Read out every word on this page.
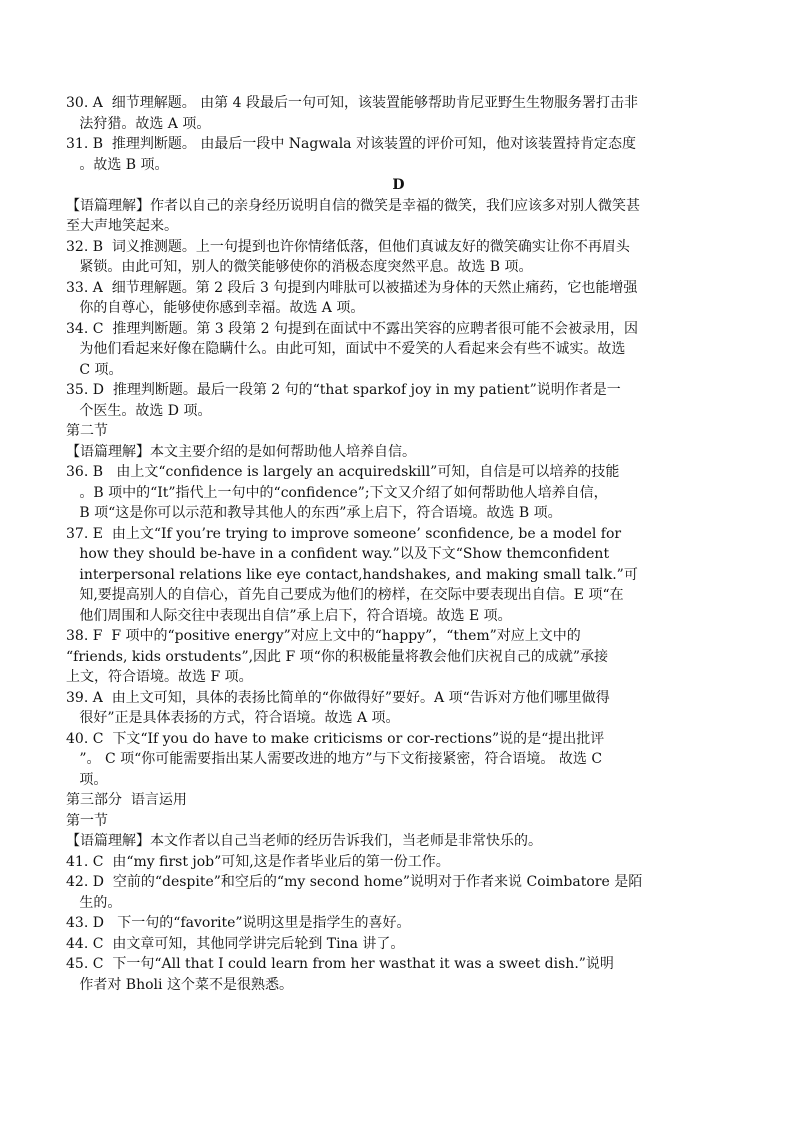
30. A  细节理解题。 由第 4 段最后一句可知，该装置能够帮助肯尼亚野生生物服务署打击非
法狩猎。故选 A 项。
31. B  推理判断题。 由最后一段中 Nagwala 对该装置的评价可知，他对该装置持肯定态度
。故选 B 项。
D
【语篇理解】作者以自己的亲身经历说明自信的微笑是幸福的微笑，我们应该多对别人微笑甚
至大声地笑起来。
32. B  词义推测题。上一句提到也许你情绪低落，但他们真诚友好的微笑确实让你不再眉头
紧锁。由此可知，别人的微笑能够使你的消极态度突然平息。故选 B 项。
33. A  细节理解题。第 2 段后 3 句提到内啡肽可以被描述为身体的天然止痛药，它也能增强
你的自尊心，能够使你感到幸福。故选 A 项。
34. C  推理判断题。第 3 段第 2 句提到在面试中不露出笑容的应聘者很可能不会被录用，因
为他们看起来好像在隐瞒什么。由此可知，面试中不爱笑的人看起来会有些不诚实。故选
C 项。
35. D  推理判断题。最后一段第 2 句的“that sparkof joy in my patient”说明作者是一
个医生。故选 D 项。
第二节
【语篇理解】本文主要介绍的是如何帮助他人培养自信。
36. B   由上文“confidence is largely an acquiredskill”可知，自信是可以培养的技能
。B 项中的“It”指代上一句中的“confidence”;下文又介绍了如何帮助他人培养自信，
B 项“这是你可以示范和教导其他人的东西”承上启下，符合语境。故选 B 项。
37. E  由上文“If you’re trying to improve someone’ sconfidence, be a model for
how they should be-have in a confident way.”以及下文“Show themconfident
interpersonal relations like eye contact,handshakes, and making small talk.”可
知,要提高别人的自信心，首先自己要成为他们的榜样，在交际中要表现出自信。E 项“在
他们周围和人际交往中表现出自信”承上启下，符合语境。故选 E 项。
38. F  F 项中的“positive energy”对应上文中的“happy”，“them”对应上文中的
“friends, kids orstudents”,因此 F 项“你的积极能量将教会他们庆祝自己的成就”承接
上文，符合语境。故选 F 项。
39. A  由上文可知，具体的表扬比简单的“你做得好”要好。A 项“告诉对方他们哪里做得
很好”正是具体表扬的方式，符合语境。故选 A 项。
40. C  下文“If you do have to make criticisms or cor-rections”说的是“提出批评
”。 C 项“你可能需要指出某人需要改进的地方”与下文衔接紧密，符合语境。 故选 C
项。
第三部分  语言运用
第一节
【语篇理解】本文作者以自己当老师的经历告诉我们，当老师是非常快乐的。
41. C  由“my first job”可知,这是作者毕业后的第一份工作。
42. D  空前的“despite”和空后的“my second home”说明对于作者来说 Coimbatore 是陌
生的。
43. D   下一句的“favorite”说明这里是指学生的喜好。
44. C  由文章可知，其他同学讲完后轮到 Tina 讲了。
45. C  下一句“All that I could learn from her wasthat it was a sweet dish.”说明
作者对 Bholi 这个菜不是很熟悉。
